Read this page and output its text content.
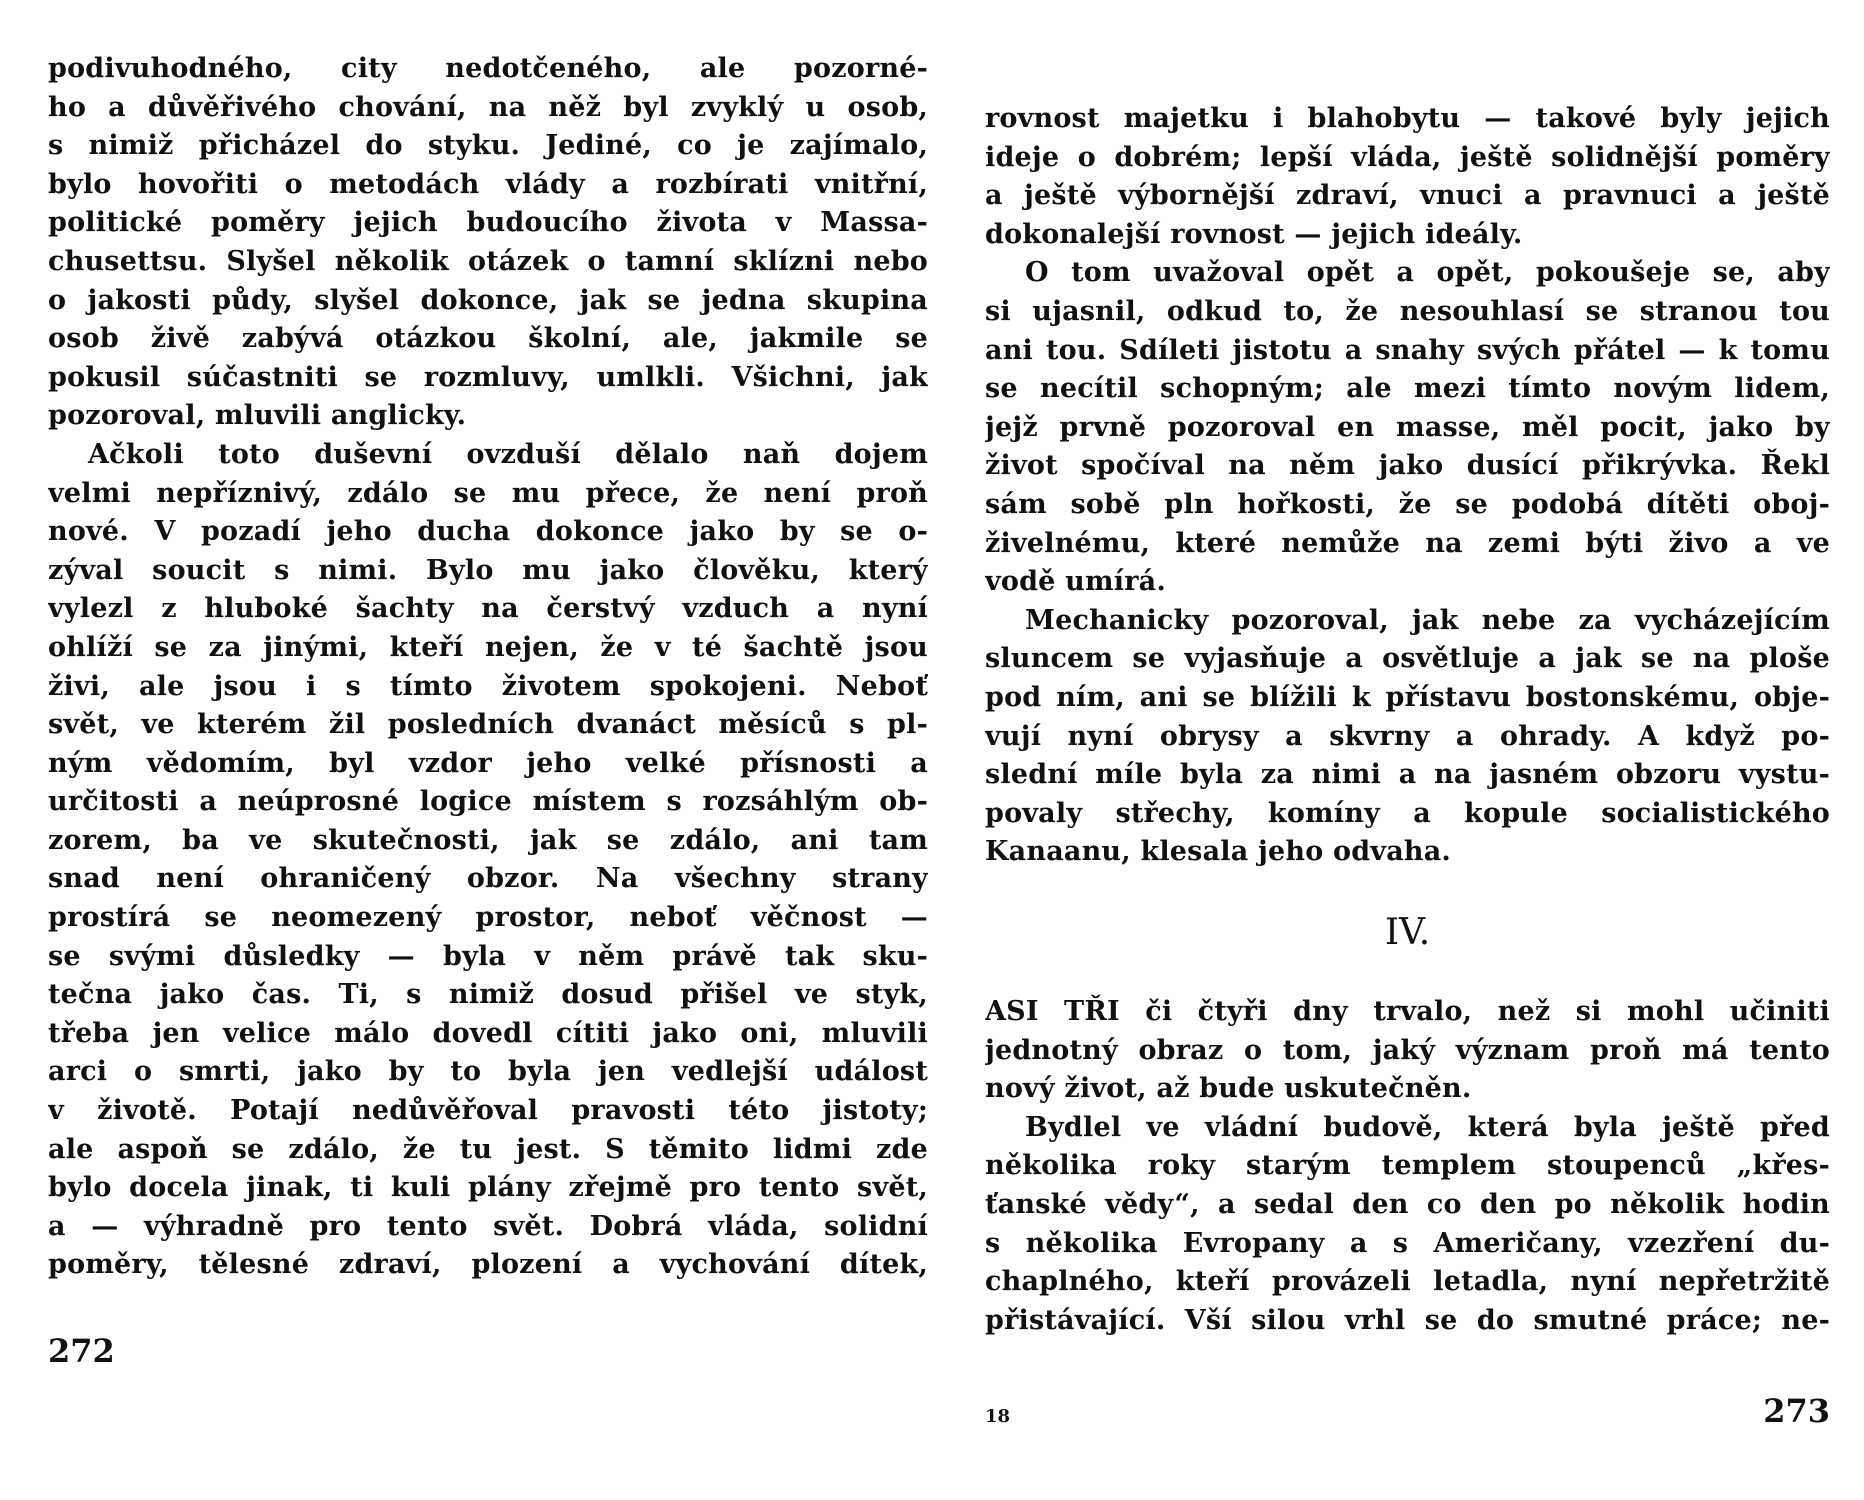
podivuhodného, city nedotčeného, ale pozorné-
ho a důvěřivého chování, na něž byl zvyklý u osob,
s nimiž přicházel do styku. Jediné, co je zajímalo,
bylo hovořiti o metodách vlády a rozbírati vnitřní,
politické poměry jejich budoucího života v Massa-
chusettsu. Slyšel několik otázek o tamní sklízni nebo
o jakosti půdy, slyšel dokonce, jak se jedna skupina
osob živě zabývá otázkou školní, ale, jakmile se
pokusil súčastniti se rozmluvy, umlkli. Všichni, jak
pozoroval, mluvili anglicky.
Ačkoli toto duševní ovzduší dělalo naň dojem
velmi nepříznivý, zdálo se mu přece, že není proň
nové. V pozadí jeho ducha dokonce jako by se o-
zýval soucit s nimi. Bylo mu jako člověku, který
vylezl z hluboké šachty na čerstvý vzduch a nyní
ohlíží se za jinými, kteří nejen, že v té šachtě jsou
živi, ale jsou i s tímto životem spokojeni. Neboť
svět, ve kterém žil posledních dvanáct měsíců s pl-
ným vědomím, byl vzdor jeho velké přísnosti a
určitosti a neúprosné logice místem s rozsáhlým ob-
zorem, ba ve skutečnosti, jak se zdálo, ani tam
snad není ohraničený obzor. Na všechny strany
prostírá se neomezený prostor, neboť věčnost —
se svými důsledky — byla v něm právě tak sku-
tečna jako čas. Ti, s nimiž dosud přišel ve styk,
třeba jen velice málo dovedl cítiti jako oni, mluvili
arci o smrti, jako by to byla jen vedlejší událost
v životě. Potají nedůvěřoval pravosti této jistoty;
ale aspoň se zdálo, že tu jest. S těmito lidmi zde
bylo docela jinak, ti kuli plány zřejmě pro tento svět,
a — výhradně pro tento svět. Dobrá vláda, solidní
poměry, tělesné zdraví, plození a vychování dítek,
272
rovnost majetku i blahobytu — takové byly jejich
ideje o dobrém; lepší vláda, ještě solidnější poměry
a ještě výbornější zdraví, vnuci a pravnuci a ještě
dokonalejší rovnost — jejich ideály.
O tom uvažoval opět a opět, pokoušeje se, aby
si ujasnil, odkud to, že nesouhlasí se stranou tou
ani tou. Sdíleti jistotu a snahy svých přátel — k tomu
se necítil schopným; ale mezi tímto novým lidem,
jejž prvně pozoroval en masse, měl pocit, jako by
život spočíval na něm jako dusící přikrývka. Řekl
sám sobě pln hořkosti, že se podobá dítěti oboj-
živelnému, které nemůže na zemi býti živo a ve
vodě umírá.
Mechanicky pozoroval, jak nebe za vycházejícím
sluncem se vyjasňuje a osvětluje a jak se na ploše
pod ním, ani se blížili k přístavu bostonskému, obje-
vují nyní obrysy a skvrny a ohrady. A když po-
slední míle byla za nimi a na jasném obzoru vystu-
povaly střechy, komíny a kopule socialistického
Kanaanu, klesala jeho odvaha.
IV.
ASI TŘI či čtyři dny trvalo, než si mohl učiniti
jednotný obraz o tom, jaký význam proň má tento
nový život, až bude uskutečněn.
Bydlel ve vládní budově, která byla ještě před
několika roky starým templem stoupenců „křes-
ťanské vědy“, a sedal den co den po několik hodin
s několika Evropany a s Američany, vzezření du-
chaplného, kteří provázeli letadla, nyní nepřetržitě
přistávající. Vší silou vrhl se do smutné práce; ne-
18	273
